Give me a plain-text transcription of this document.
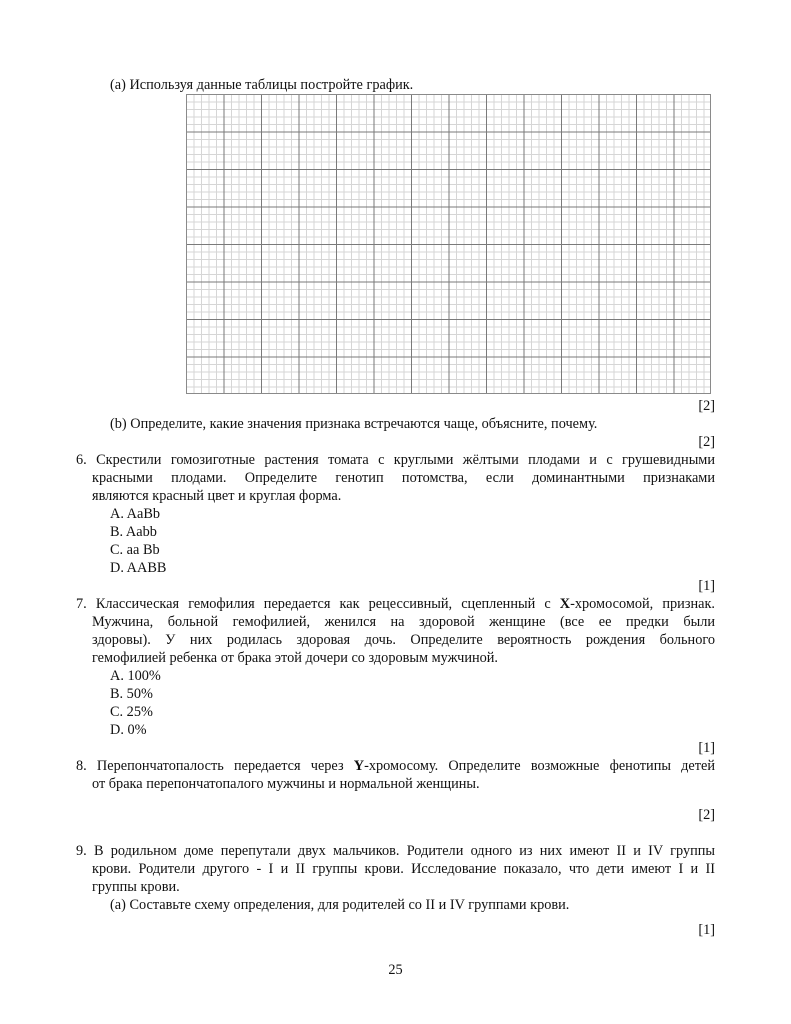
(a) Используя данные таблицы постройте график.
[2]
(b) Определите, какие значения признака встречаются чаще, объясните, почему.
[2]
6. Скрестили гомозиготные растения томата с круглыми жёлтыми плодами и с грушевидными
красными плодами. Определите генотип потомства, если доминантными признаками
являются красный цвет и круглая форма.
A. AaBb
B. Aabb
C. aa Bb
D. AABB
[1]
7. Классическая гемофилия передается как рецессивный, сцепленный с X-хромосомой, признак.
Мужчина, больной гемофилией, женился на здоровой женщине (все ее предки были
здоровы). У них родилась здоровая дочь. Определите вероятность рождения больного
гемофилией ребенка от брака этой дочери со здоровым мужчиной.
A. 100%
B. 50%
C. 25%
D. 0%
[1]
8. Перепончатопалость передается через Y-хромосому. Определите возможные фенотипы детей
от брака перепончатопалого мужчины и нормальной женщины.
[2]
9. В родильном доме перепутали двух мальчиков. Родители одного из них имеют II и IV группы
крови. Родители другого - I и II группы крови. Исследование показало, что дети имеют I и II
группы крови.
(a) Составьте схему определения, для родителей со II и IV группами крови.
[1]
25
